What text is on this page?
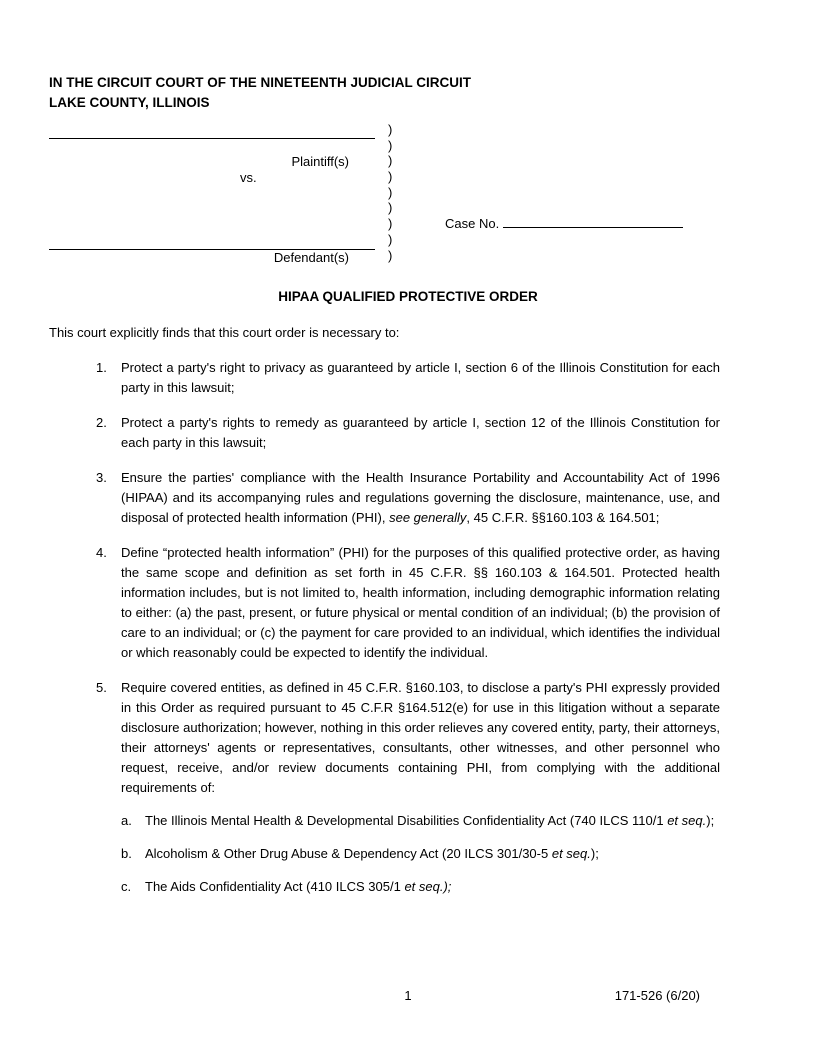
IN THE CIRCUIT COURT OF THE NINETEENTH JUDICIAL CIRCUIT
LAKE COUNTY, ILLINOIS
Plaintiff(s)
vs.
Defendant(s)
)
)
)
)
)
)
)
)
)
Case No.
HIPAA QUALIFIED PROTECTIVE ORDER
This court explicitly finds that this court order is necessary to:
1. Protect a party's right to privacy as guaranteed by article I, section 6 of the Illinois Constitution for each party in this lawsuit;
2. Protect a party's rights to remedy as guaranteed by article I, section 12 of the Illinois Constitution for each party in this lawsuit;
3. Ensure the parties' compliance with the Health Insurance Portability and Accountability Act of 1996 (HIPAA) and its accompanying rules and regulations governing the disclosure, maintenance, use, and disposal of protected health information (PHI), see generally, 45 C.F.R. §§160.103 & 164.501;
4. Define “protected health information” (PHI) for the purposes of this qualified protective order, as having the same scope and definition as set forth in 45 C.F.R. §§ 160.103 & 164.501. Protected health information includes, but is not limited to, health information, including demographic information relating to either: (a) the past, present, or future physical or mental condition of an individual; (b) the provision of care to an individual; or (c) the payment for care provided to an individual, which identifies the individual or which reasonably could be expected to identify the individual.
5. Require covered entities, as defined in 45 C.F.R. §160.103, to disclose a party's PHI expressly provided in this Order as required pursuant to 45 C.F.R §164.512(e) for use in this litigation without a separate disclosure authorization; however, nothing in this order relieves any covered entity, party, their attorneys, their attorneys' agents or representatives, consultants, other witnesses, and other personnel who request, receive, and/or review documents containing PHI, from complying with the additional requirements of:
a. The Illinois Mental Health & Developmental Disabilities Confidentiality Act (740 ILCS 110/1 et seq.);
b. Alcoholism & Other Drug Abuse & Dependency Act (20 ILCS 301/30-5 et seq.);
c. The Aids Confidentiality Act (410 ILCS 305/1 et seq.);
1	171-526 (6/20)
